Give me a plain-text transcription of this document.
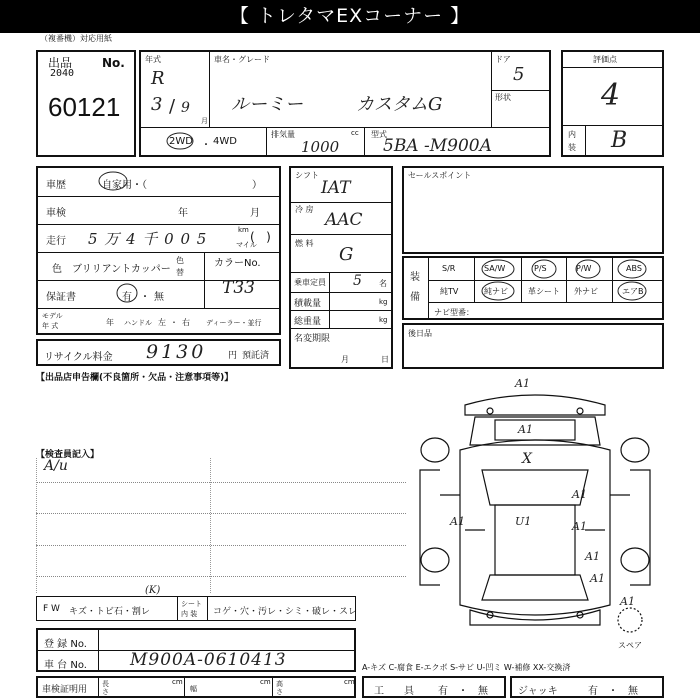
【 トレタマEXコーナー 】
（複番機）対応用紙
出品 No.
2040
60121
年式
R
3 / 9
月
車名・グレード
ルーミー	カスタムG
ドア
5
形状
2WD ・ 4WD
排気量	cc
1000
型式
5BA -M900A
評価点
4
内
装 B
車歴	自家用・（	）
車検	年	月
走行 5 万 4 千 0 0 5	km
マイル
(   )
色 ブリリアントカッパー
色
替
カラーNo.
T33
保証書	有 ・ 無
モデル
年 式	年 ハンドル 左 ・ 右 ディーラー・並行
シフト
IAT
冷 房
AAC
燃 料
G
乗車定員 5 名
積載量	kg
総重量	kg
名変期限
月	日
セールスポイント
装備
S/R	SA/W	P/S	P/W	ABS
純TV	純ナビ	革シート 外ナビ	エアB
ナビ型番：
リサイクル料金 9130 円 預託済
後日品
【出品店申告欄(不良箇所・欠品・注意事項等)】
【検査員記入】
A/u
A1
A1
X
A1
A1	A1
U1
A1
A1
A1
スペア
F W キズ・トビ石・割レ
(K)
シート
内 装 コゲ・穴・汚レ・シミ・破レ・スレ
登 録 No.
車 台 No.	M900A-0610413	A-キズ C-腐食 E-エクボ S-サビ U-凹ミ W-補修 XX-交換済
車検証明用
長さ
cm
幅
cm 高さ
cm
工　　具 有 ・ 無	ジャッキ	有 ・ 無
